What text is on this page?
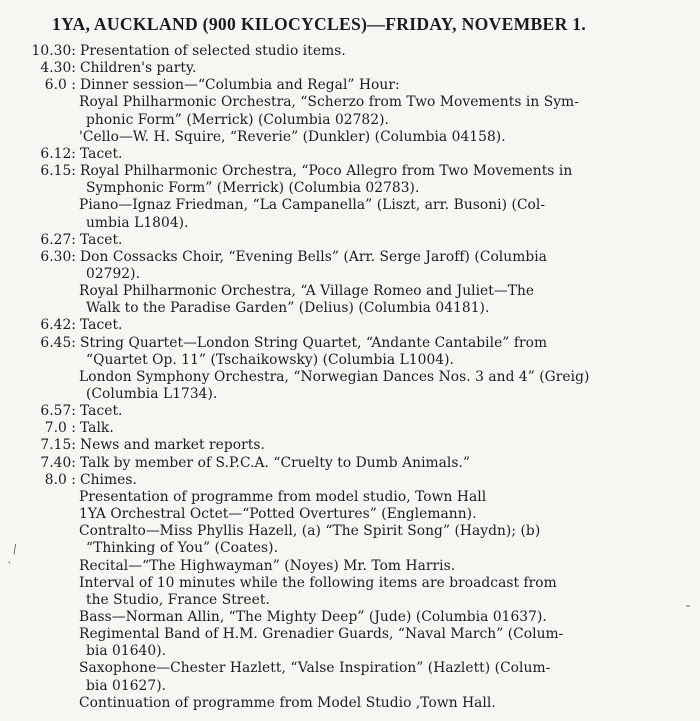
1YA, AUCKLAND (900 KILOCYCLES)—FRIDAY, NOVEMBER 1.
10.30: Presentation of selected studio items.
4.30: Children's party.
6.0 : Dinner session—“Columbia and Regal” Hour:
Royal Philharmonic Orchestra, “Scherzo from Two Movements in Sym-
phonic Form” (Merrick) (Columbia 02782).
'Cello—W. H. Squire, “Reverie” (Dunkler) (Columbia 04158).
6.12: Tacet.
6.15: Royal Philharmonic Orchestra, “Poco Allegro from Two Movements in
Symphonic Form” (Merrick) (Columbia 02783).
Piano—Ignaz Friedman, “La Campanella” (Liszt, arr. Busoni) (Col-
umbia L1804).
6.27: Tacet.
6.30: Don Cossacks Choir, “Evening Bells” (Arr. Serge Jaroff) (Columbia
02792).
Royal Philharmonic Orchestra, “A Village Romeo and Juliet—The
Walk to the Paradise Garden” (Delius) (Columbia 04181).
6.42: Tacet.
6.45: String Quartet—London String Quartet, “Andante Cantabile” from
“Quartet Op. 11” (Tschaikowsky) (Columbia L1004).
London Symphony Orchestra, “Norwegian Dances Nos. 3 and 4” (Greig)
(Columbia L1734).
6.57: Tacet.
7.0 : Talk.
7.15: News and market reports.
7.40: Talk by member of S.P.C.A. “Cruelty to Dumb Animals.”
8.0 : Chimes.
Presentation of programme from model studio, Town Hall
1YA Orchestral Octet—“Potted Overtures” (Englemann).
Contralto—Miss Phyllis Hazell, (a) “The Spirit Song” (Haydn); (b)
“Thinking of You” (Coates).
Recital—“The Highwayman” (Noyes) Mr. Tom Harris.
Interval of 10 minutes while the following items are broadcast from
the Studio, France Street.
Bass—Norman Allin, “The Mighty Deep” (Jude) (Columbia 01637).
Regimental Band of H.M. Grenadier Guards, “Naval March” (Colum-
bia 01640).
Saxophone—Chester Hazlett, “Valse Inspiration” (Hazlett) (Colum-
bia 01627).
Continuation of programme from Model Studio ,Town Hall.
/
.
-
